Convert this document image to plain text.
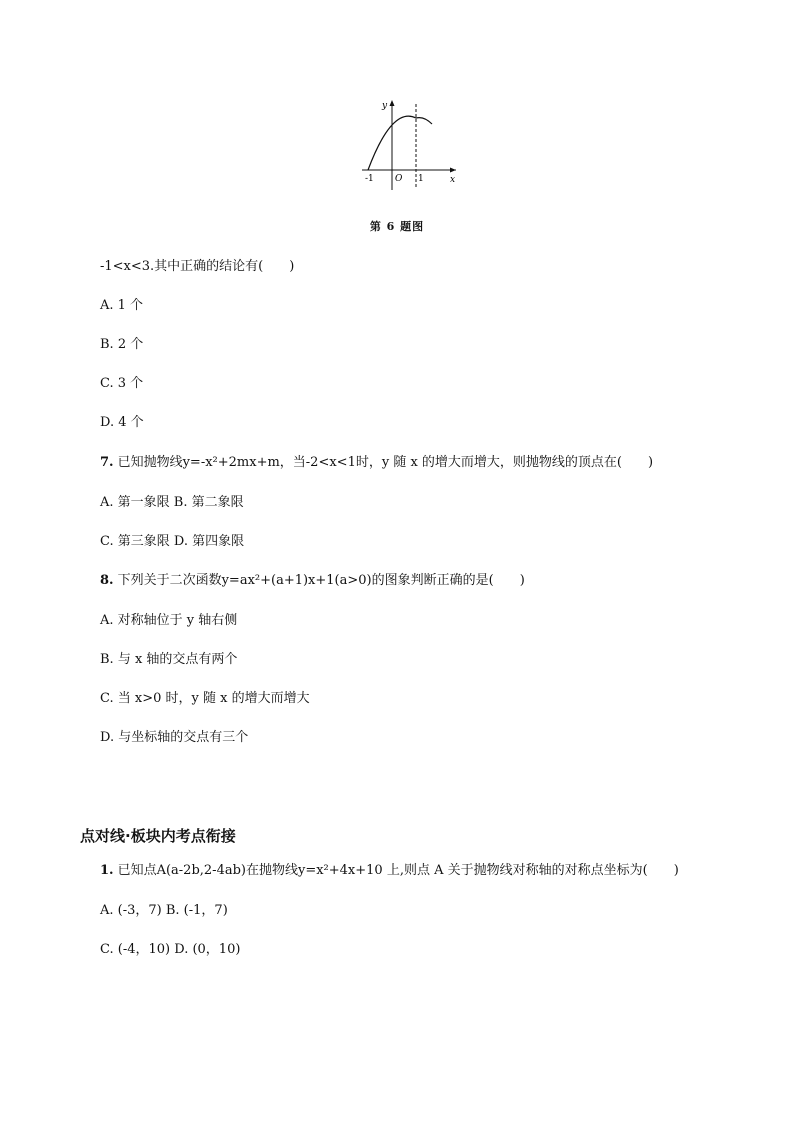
y
x
-1 O 1
第 6 题图
-1<x<3.其中正确的结论有( )
A. 1 个
B. 2 个
C. 3 个
D. 4 个
7. 已知抛物线y=-x²+2mx+m，当-2<x<1时，y 随 x 的增大而增大，则抛物线的顶点在( )
A. 第一象限 B. 第二象限
C. 第三象限 D. 第四象限
8. 下列关于二次函数y=ax²+(a+1)x+1(a>0)的图象判断正确的是( )
A. 对称轴位于 y 轴右侧
B. 与 x 轴的交点有两个
C. 当 x>0 时，y 随 x 的增大而增大
D. 与坐标轴的交点有三个
点对线·板块内考点衔接
1. 已知点A(a-2b,2-4ab)在抛物线y=x²+4x+10 上,则点 A 关于抛物线对称轴的对称点坐标为( )
A. (-3，7) B. (-1，7)
C. (-4，10) D. (0，10)
